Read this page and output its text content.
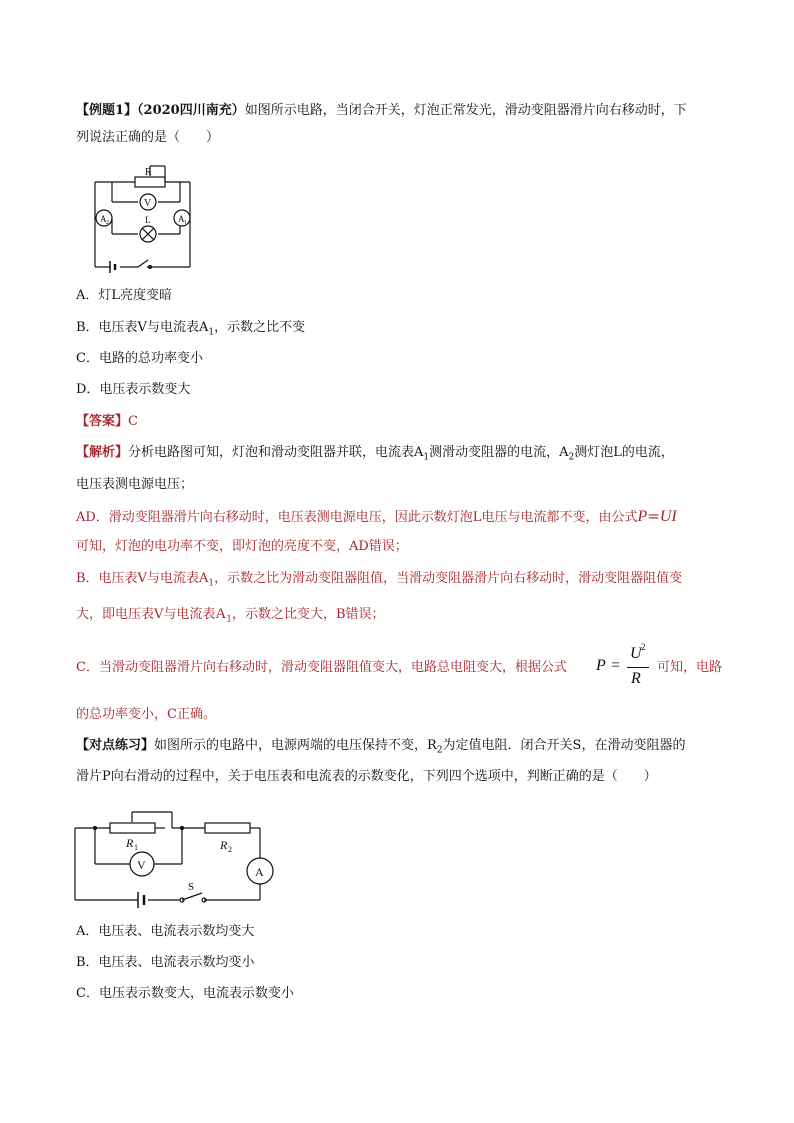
【例题1】（2020四川南充）如图所示电路，当闭合开关，灯泡正常发光，滑动变阻器滑片向右移动时，下
列说法正确的是（　　）
R
V
A 2	L	A 1
A．灯L亮度变暗
B．电压表V与电流表$A_1$，示数之比不变
C．电路的总功率变小
D．电压表示数变大
【答案】C
【解析】分析电路图可知，灯泡和滑动变阻器并联，电流表$A_1$测滑动变阻器的电流，$A_2$测灯泡L的电流，
电压表测电源电压；
AD．滑动变阻器滑片向右移动时，电压表测电源电压，因此示数灯泡L电压与电流都不变，由公式P=UI
可知，灯泡的电功率不变，即灯泡的亮度不变，AD错误；
B．电压表V与电流表$A_1$，示数之比为滑动变阻器阻值，当滑动变阻器滑片向右移动时，滑动变阻器阻值变
大，即电压表V与电流表$A_1$，示数之比变大，B错误；
C．当滑动变阻器滑片向右移动时，滑动变阻器阻值变大，电路总电阻变大，根据公式 P =
U 2
R
可知，电路
的总功率变小，C正确。
【对点练习】如图所示的电路中，电源两端的电压保持不变，$R_2$为定值电阻．闭合开关S，在滑动变阻器的
滑片P向右滑动的过程中，关于电压表和电流表的示数变化，下列四个选项中，判断正确的是（　　）
R 1	R 2
V	A
S
A．电压表、电流表示数均变大
B．电压表、电流表示数均变小
C．电压表示数变大，电流表示数变小
